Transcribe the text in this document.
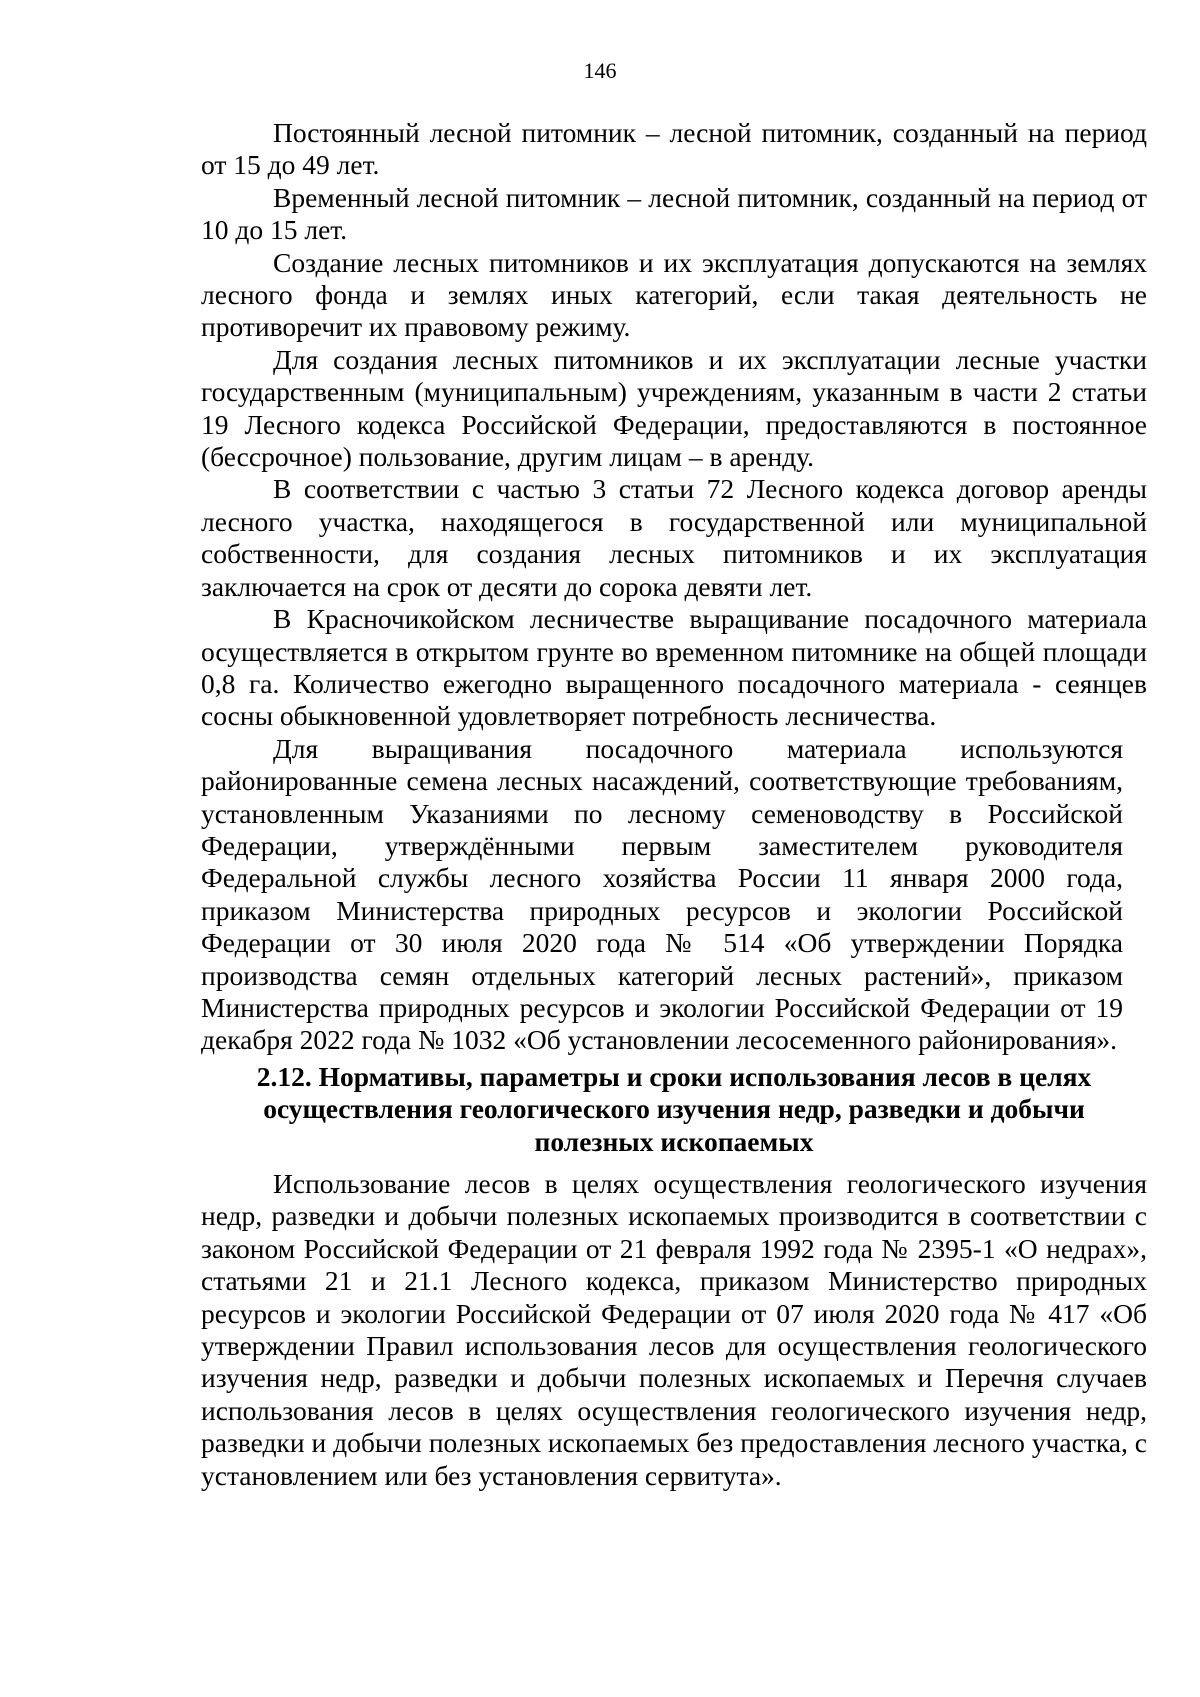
146

Постоянный лесной питомник – лесной питомник, созданный на период от 15 до 49 лет.

Временный лесной питомник – лесной питомник, созданный на период от 10 до 15 лет.

Создание лесных питомников и их эксплуатация допускаются на землях лесного фонда и землях иных категорий, если такая деятельность не противоречит их правовому режиму.

Для создания лесных питомников и их эксплуатации лесные участки государственным (муниципальным) учреждениям, указанным в части 2 статьи 19 Лесного кодекса Российской Федерации, предоставляются в постоянное (бессрочное) пользование, другим лицам – в аренду.

В соответствии с частью 3 статьи 72 Лесного кодекса договор аренды лесного участка, находящегося в государственной или муниципальной собственности, для создания лесных питомников и их эксплуатация заключается на срок от десяти до сорока девяти лет.

В Красночикойском лесничестве выращивание посадочного материала осуществляется в открытом грунте во временном питомнике на общей площади 0,8 га. Количество ежегодно выращенного посадочного материала - сеянцев сосны обыкновенной удовлетворяет потребность лесничества.

Для выращивания посадочного материала используются районированные семена лесных насаждений, соответствующие требованиям, установленным Указаниями по лесному семеноводству в Российской Федерации, утверждёнными первым заместителем руководителя Федеральной службы лесного хозяйства России 11 января 2000 года, приказом Министерства природных ресурсов и экологии Российской Федерации от 30 июля 2020 года № 514 «Об утверждении Порядка производства семян отдельных категорий лесных растений», приказом Министерства природных ресурсов и экологии Российской Федерации от 19 декабря 2022 года № 1032 «Об установлении лесосеменного районирования».

2.12. Нормативы, параметры и сроки использования лесов в целях осуществления геологического изучения недр, разведки и добычи полезных ископаемых

Использование лесов в целях осуществления геологического изучения недр, разведки и добычи полезных ископаемых производится в соответствии с законом Российской Федерации от 21 февраля 1992 года № 2395-1 «О недрах», статьями 21 и 21.1 Лесного кодекса, приказом Министерство природных ресурсов и экологии Российской Федерации от 07 июля 2020 года № 417 «Об утверждении Правил использования лесов для осуществления геологического изучения недр, разведки и добычи полезных ископаемых и Перечня случаев использования лесов в целях осуществления геологического изучения недр, разведки и добычи полезных ископаемых без предоставления лесного участка, с установлением или без установления сервитута».
